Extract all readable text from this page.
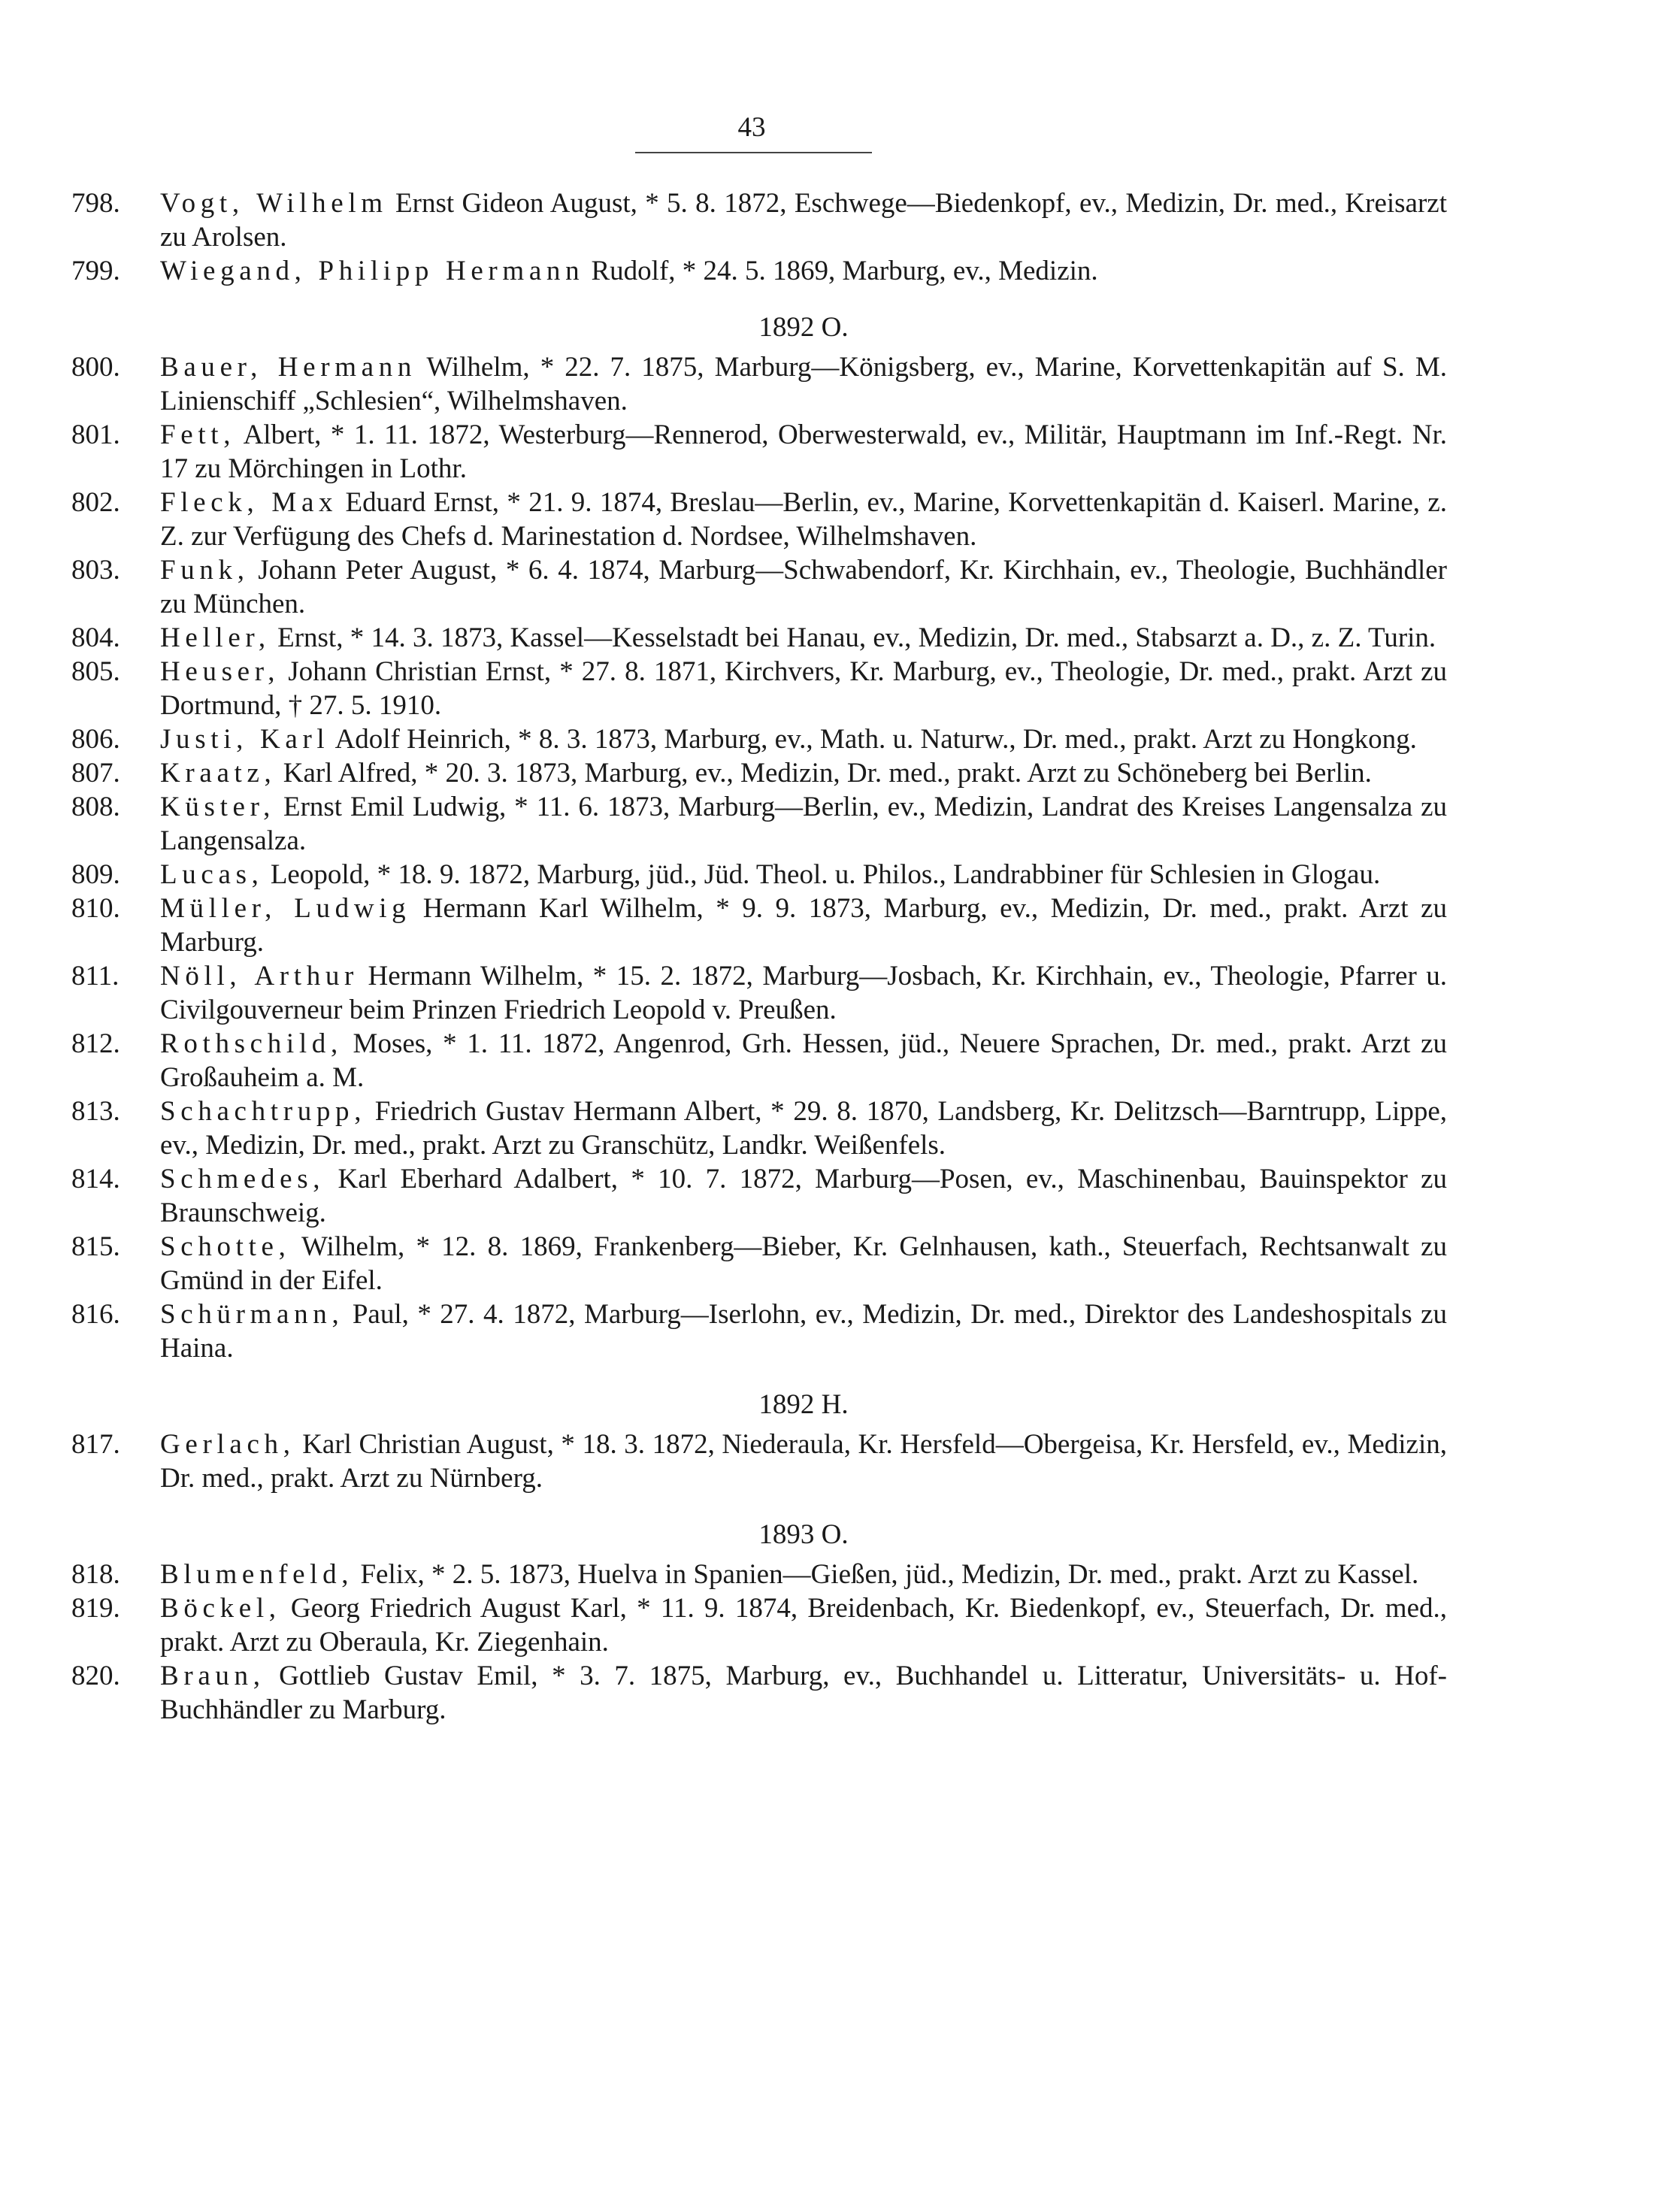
43

798.	Vogt, Wilhelm Ernst Gideon August, * 5. 8. 1872, Eschwege—Biedenkopf, ev., Medizin, Dr. med., Kreisarzt zu Arolsen.

799.	Wiegand, Philipp Hermann Rudolf, * 24. 5. 1869, Marburg, ev., Medizin.

1892 O.

800.	Bauer, Hermann Wilhelm, * 22. 7. 1875, Marburg—Königsberg, ev., Marine, Korvettenkapitän auf S. M. Linienschiff „Schlesien“, Wilhelmshaven.

801.	Fett, Albert, * 1. 11. 1872, Westerburg—Rennerod, Oberwesterwald, ev., Militär, Hauptmann im Inf.-Regt. Nr. 17 zu Mörchingen in Lothr.

802.	Fleck, Max Eduard Ernst, * 21. 9. 1874, Breslau—Berlin, ev., Marine, Korvettenkapitän d. Kaiserl. Marine, z. Z. zur Verfügung des Chefs d. Marinestation d. Nordsee, Wilhelmshaven.

803.	Funk, Johann Peter August, * 6. 4. 1874, Marburg—Schwabendorf, Kr. Kirchhain, ev., Theologie, Buchhändler zu München.

804.	Heller, Ernst, * 14. 3. 1873, Kassel—Kesselstadt bei Hanau, ev., Medizin, Dr. med., Stabsarzt a. D., z. Z. Turin.

805.	Heuser, Johann Christian Ernst, * 27. 8. 1871, Kirchvers, Kr. Marburg, ev., Theologie, Dr. med., prakt. Arzt zu Dortmund, † 27. 5. 1910.

806.	Justi, Karl Adolf Heinrich, * 8. 3. 1873, Marburg, ev., Math. u. Naturw., Dr. med., prakt. Arzt zu Hongkong.

807.	Kraatz, Karl Alfred, * 20. 3. 1873, Marburg, ev., Medizin, Dr. med., prakt. Arzt zu Schöneberg bei Berlin.

808.	Küster, Ernst Emil Ludwig, * 11. 6. 1873, Marburg—Berlin, ev., Medizin, Landrat des Kreises Langensalza zu Langensalza.

809.	Lucas, Leopold, * 18. 9. 1872, Marburg, jüd., Jüd. Theol. u. Philos., Landrabbiner für Schlesien in Glogau.

810.	Müller, Ludwig Hermann Karl Wilhelm, * 9. 9. 1873, Marburg, ev., Medizin, Dr. med., prakt. Arzt zu Marburg.

811.	Nöll, Arthur Hermann Wilhelm, * 15. 2. 1872, Marburg—Josbach, Kr. Kirchhain, ev., Theologie, Pfarrer u. Civilgouverneur beim Prinzen Friedrich Leopold v. Preußen.

812.	Rothschild, Moses, * 1. 11. 1872, Angenrod, Grh. Hessen, jüd., Neuere Sprachen, Dr. med., prakt. Arzt zu Großauheim a. M.

813.	Schachtrupp, Friedrich Gustav Hermann Albert, * 29. 8. 1870, Landsberg, Kr. Delitzsch—Barntrupp, Lippe, ev., Medizin, Dr. med., prakt. Arzt zu Granschütz, Landkr. Weißenfels.

814.	Schmedes, Karl Eberhard Adalbert, * 10. 7. 1872, Marburg—Posen, ev., Maschinenbau, Bauinspektor zu Braunschweig.

815.	Schotte, Wilhelm, * 12. 8. 1869, Frankenberg—Bieber, Kr. Gelnhausen, kath., Steuerfach, Rechtsanwalt zu Gmünd in der Eifel.

816.	Schürmann, Paul, * 27. 4. 1872, Marburg—Iserlohn, ev., Medizin, Dr. med., Direktor des Landeshospitals zu Haina.

1892 H.

817.	Gerlach, Karl Christian August, * 18. 3. 1872, Niederaula, Kr. Hersfeld—Obergeisa, Kr. Hersfeld, ev., Medizin, Dr. med., prakt. Arzt zu Nürnberg.

1893 O.

818.	Blumenfeld, Felix, * 2. 5. 1873, Huelva in Spanien—Gießen, jüd., Medizin, Dr. med., prakt. Arzt zu Kassel.

819.	Böckel, Georg Friedrich August Karl, * 11. 9. 1874, Breidenbach, Kr. Biedenkopf, ev., Steuerfach, Dr. med., prakt. Arzt zu Oberaula, Kr. Ziegenhain.

820.	Braun, Gottlieb Gustav Emil, * 3. 7. 1875, Marburg, ev., Buchhandel u. Litteratur, Universitäts- u. Hof-Buchhändler zu Marburg.
